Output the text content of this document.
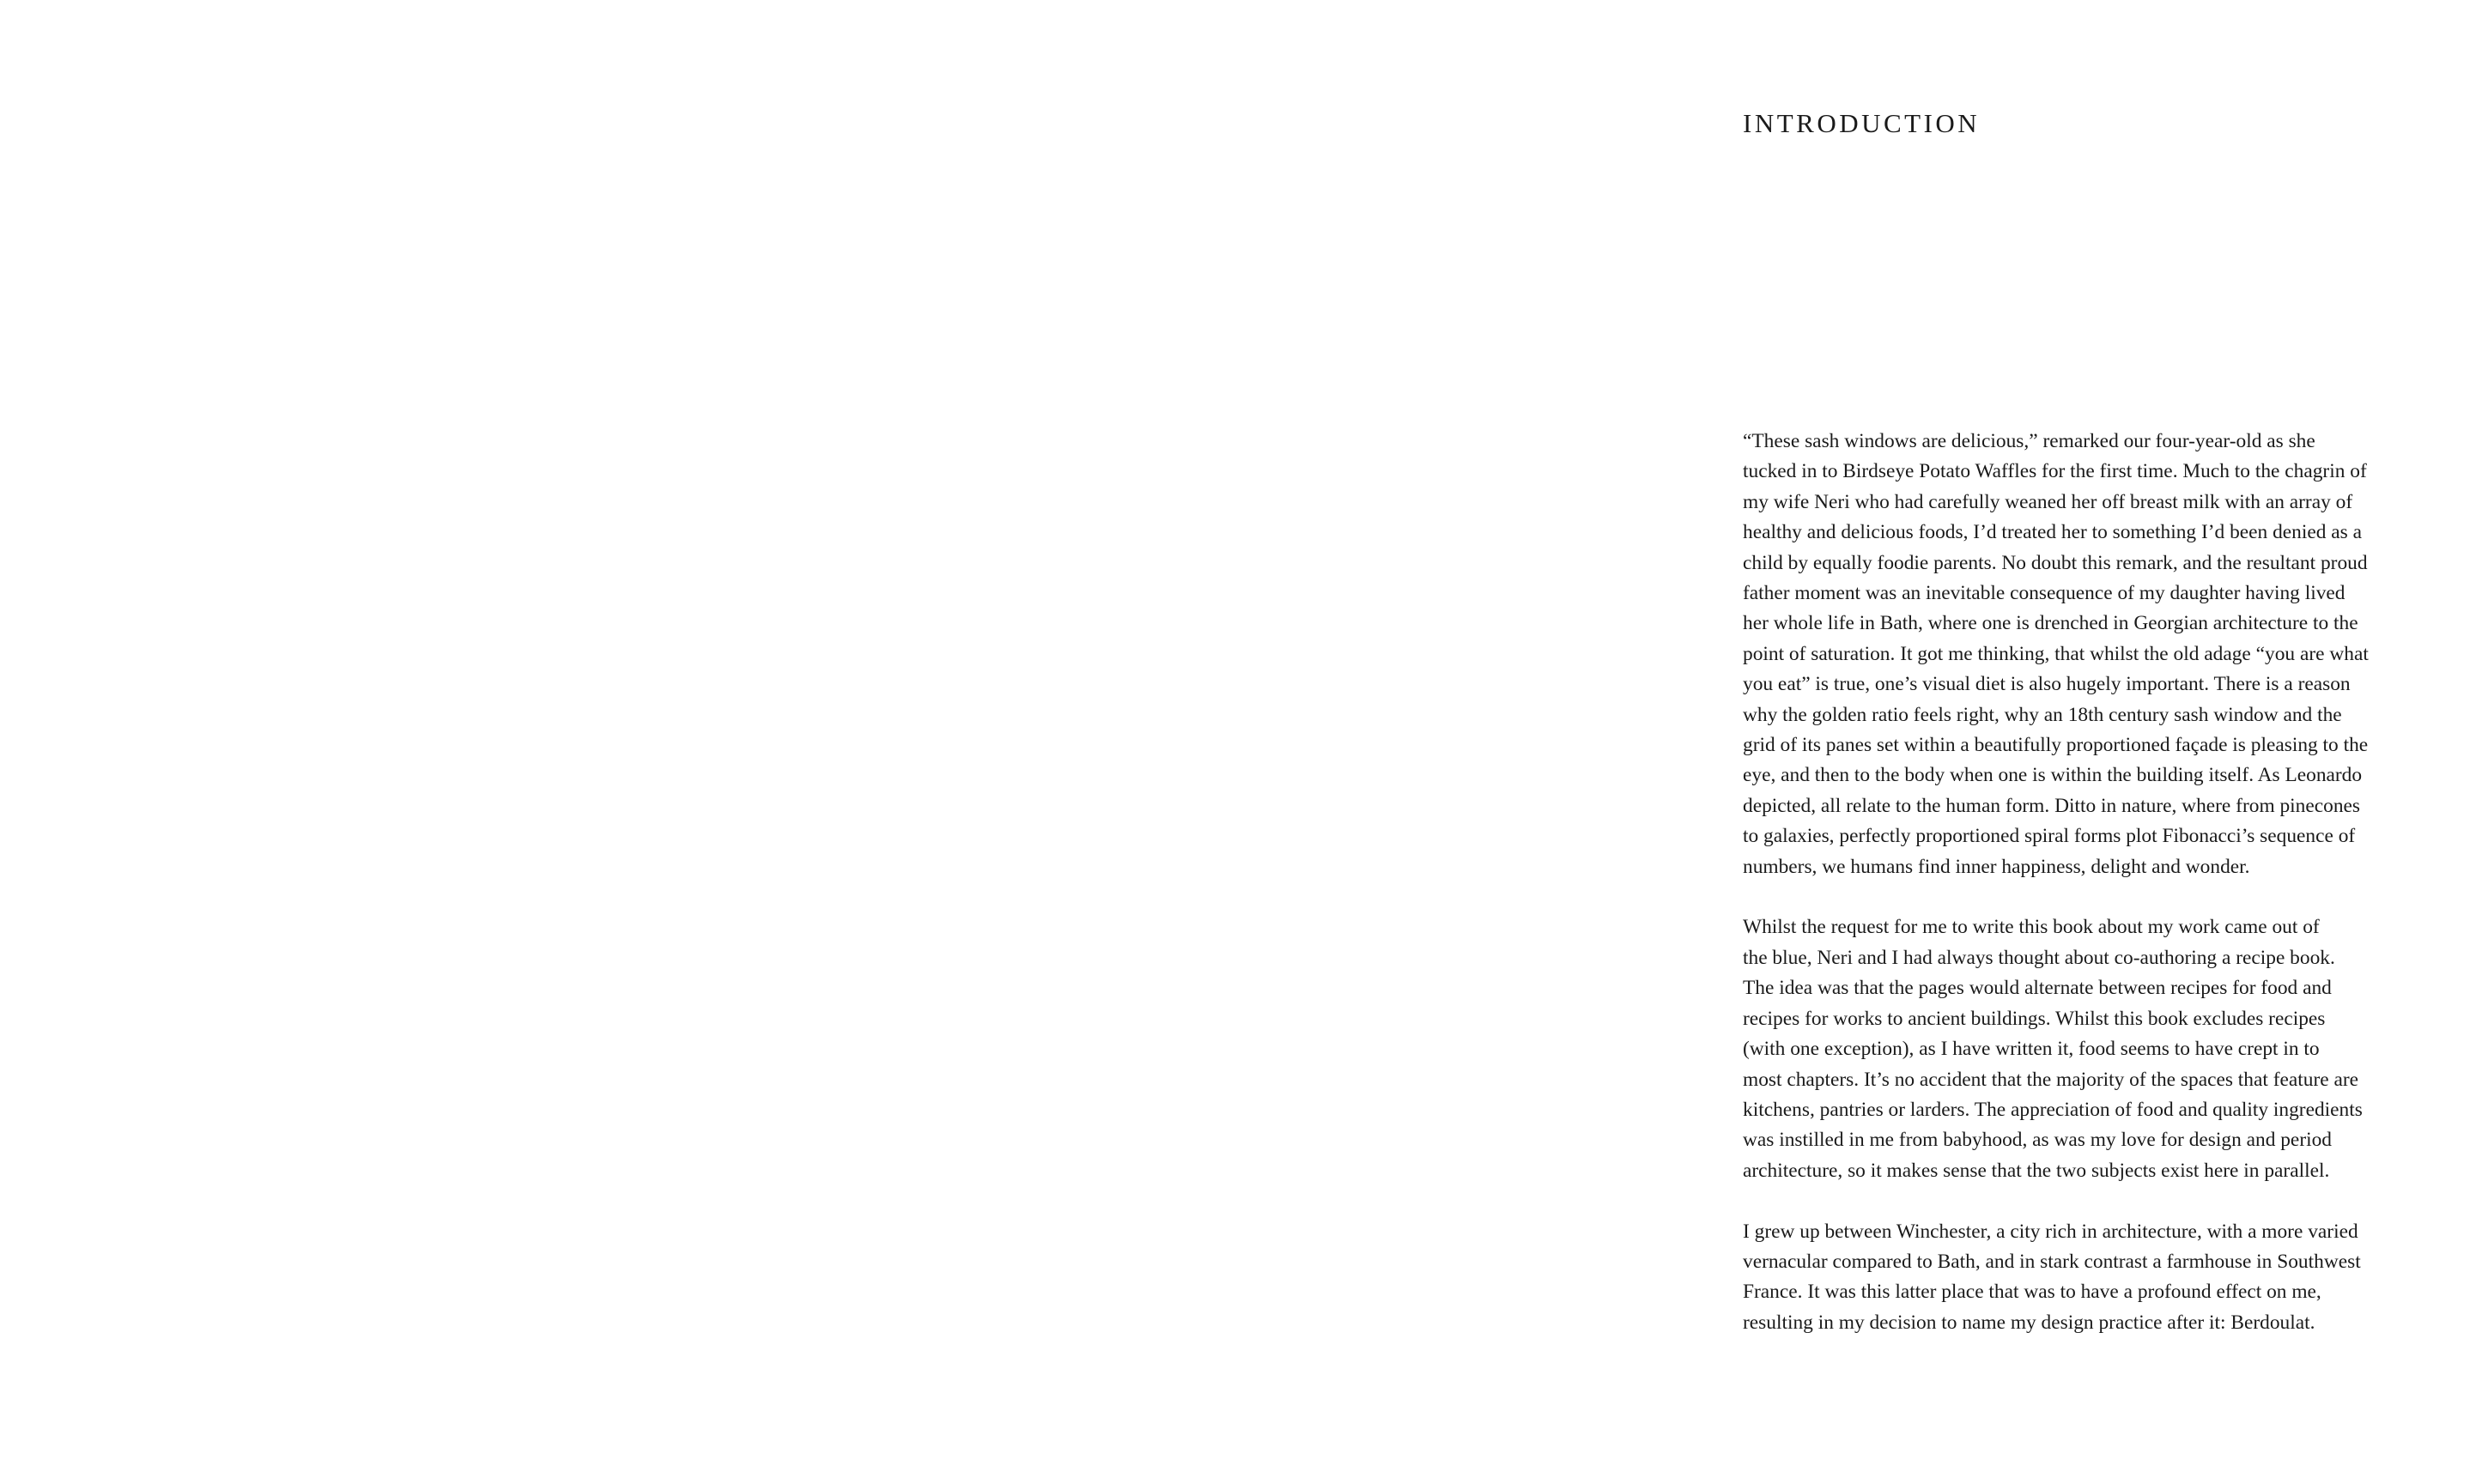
INTRODUCTION

“These sash windows are delicious,” remarked our four-year-old as she
tucked in to Birdseye Potato Waffles for the first time. Much to the chagrin of
my wife Neri who had carefully weaned her off breast milk with an array of
healthy and delicious foods, I’d treated her to something I’d been denied as a
child by equally foodie parents. No doubt this remark, and the resultant proud
father moment was an inevitable consequence of my daughter having lived
her whole life in Bath, where one is drenched in Georgian architecture to the
point of saturation. It got me thinking, that whilst the old adage “you are what
you eat” is true, one’s visual diet is also hugely important. There is a reason
why the golden ratio feels right, why an 18th century sash window and the
grid of its panes set within a beautifully proportioned façade is pleasing to the
eye, and then to the body when one is within the building itself. As Leonardo
depicted, all relate to the human form. Ditto in nature, where from pinecones
to galaxies, perfectly proportioned spiral forms plot Fibonacci’s sequence of
numbers, we humans find inner happiness, delight and wonder.

Whilst the request for me to write this book about my work came out of
the blue, Neri and I had always thought about co-authoring a recipe book.
The idea was that the pages would alternate between recipes for food and
recipes for works to ancient buildings. Whilst this book excludes recipes
(with one exception), as I have written it, food seems to have crept in to
most chapters. It’s no accident that the majority of the spaces that feature are
kitchens, pantries or larders. The appreciation of food and quality ingredients
was instilled in me from babyhood, as was my love for design and period
architecture, so it makes sense that the two subjects exist here in parallel.

I grew up between Winchester, a city rich in architecture, with a more varied
vernacular compared to Bath, and in stark contrast a farmhouse in Southwest
France. It was this latter place that was to have a profound effect on me,
resulting in my decision to name my design practice after it: Berdoulat.
